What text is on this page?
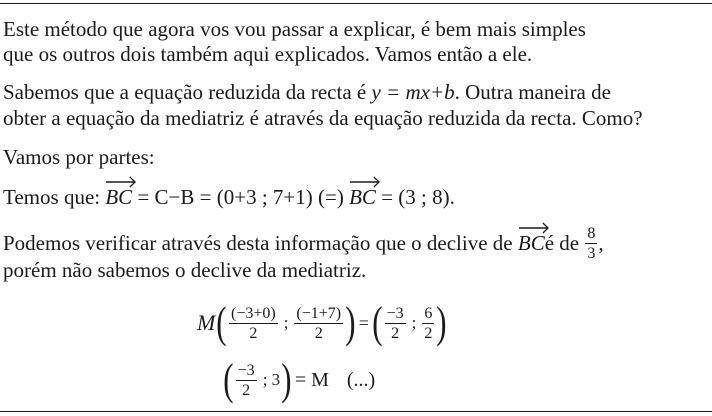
Este método que agora vos vou passar a explicar, é bem mais simples
que os outros dois também aqui explicados. Vamos então a ele.
Sabemos que a equação reduzida da recta é y = mx+b. Outra maneira de
obter a equação da mediatriz é através da equação reduzida da recta. Como?
Vamos por partes:
Temos que:
BC = C−B = (0+3 ; 7+1) (=)
BC = (3 ; 8).
Podemos verificar através desta informação que o declive de
BC é de
$\frac{8}{3}$ ,
porém não sabemos o declive da mediatriz.
M ( $\frac{(-3+0)}{2}$ ; $\frac{(-1+7)}{2}$ ) = ( $\frac{-3}{2}$ ; $\frac{6}{2}$ )
( $\frac{-3}{2}$ ; 3 ) = M (...)
